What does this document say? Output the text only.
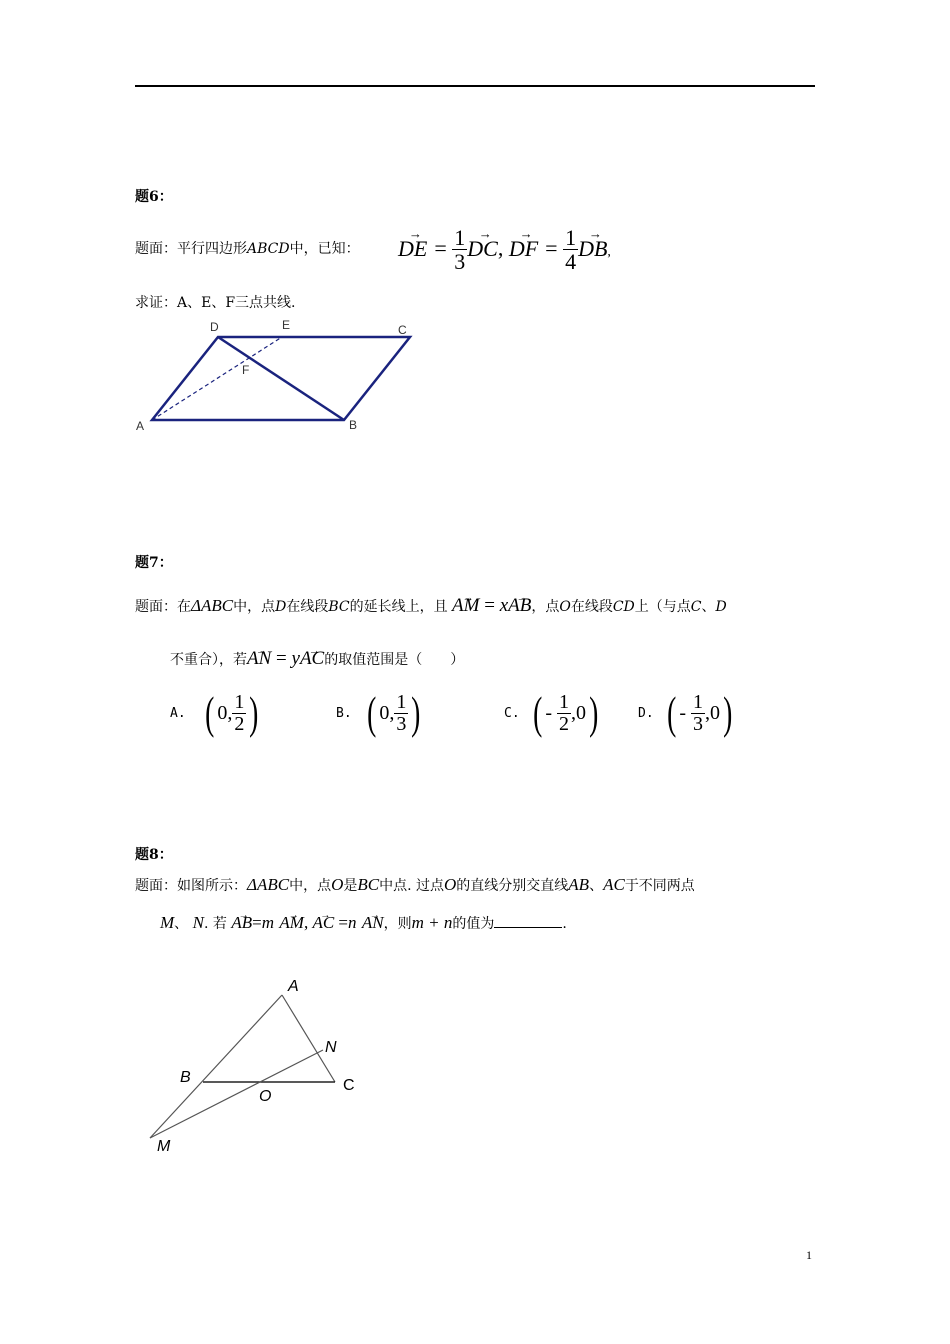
题6：
题面：平行四边形ABCD中，已知： → DE = $\frac{1}{3}$ → DC, → DF = $\frac{1}{4}$ → DB,
求证：A、E、F三点共线.
A	B
C
D	E
F
题7：
题面：在ΔABC中，点D在线段BC的延长线上，且 → AM = x→ AB，点O在线段CD上（与点C、D
不重合），若→ AN = y→ AC的取值范围是（　　）
A. ( 0, $\frac{1}{2}$ )	B. ( 0, $\frac{1}{3}$ )	C. ( -
$\frac{1}{2} ,0$ )	D. ( -
$\frac{1}{3} ,0$ )
题8：
题面：如图所示：ΔABC中，点O是BC中点. 过点O的直线分别交直线AB、AC于不同两点
M、 N. 若 → AB=m → AM, → AC =n → AN，则m + n的值为	.
A
B	C
M
N
O
1
